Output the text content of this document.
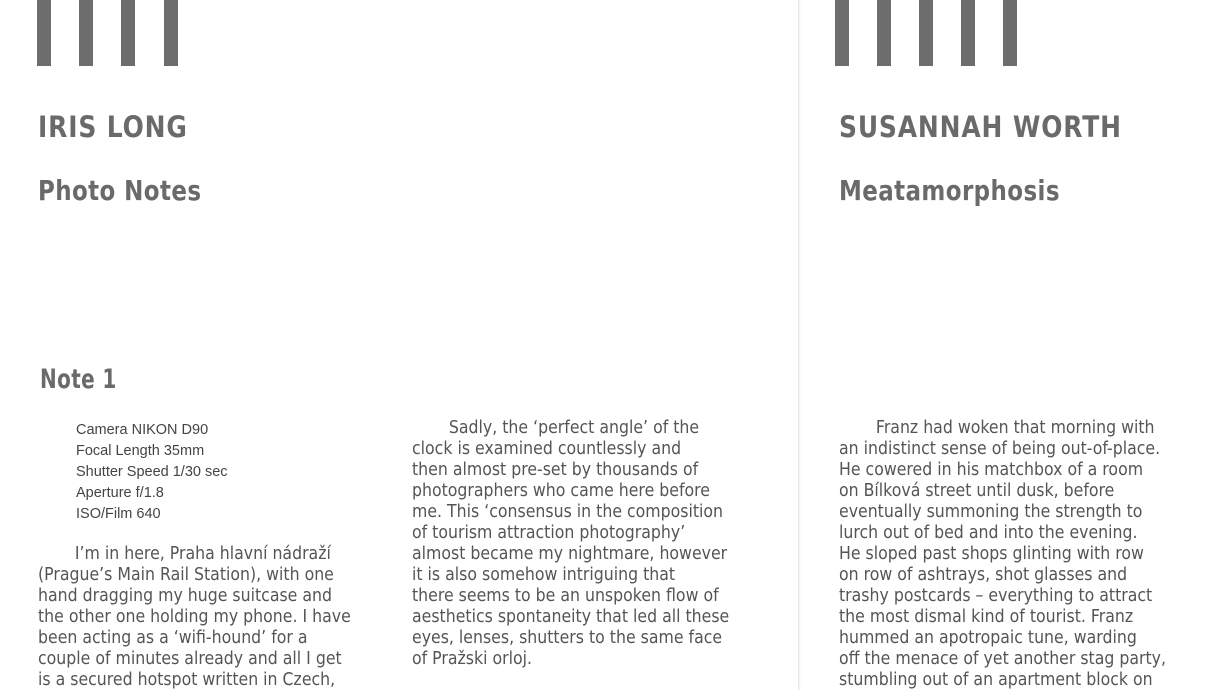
IRIS LONG
Photo Notes
Note 1
Camera NIKON D90
Focal Length 35mm
Shutter Speed 1/30 sec
Aperture f/1.8
ISO/Film 640

I’m in here, Praha hlavní nádraží
(Prague’s Main Rail Station), with one
hand dragging my huge suitcase and
the other one holding my phone. I have
been acting as a ‘wifi-hound’ for a
couple of minutes already and all I get
is a secured hotspot written in Czech,

Sadly, the ‘perfect angle’ of the
clock is examined countlessly and
then almost pre-set by thousands of
photographers who came here before
me. This ‘consensus in the composition
of tourism attraction photography’
almost became my nightmare, however
it is also somehow intriguing that
there seems to be an unspoken flow of
aesthetics spontaneity that led all these
eyes, lenses, shutters to the same face
of Pražski orloj.

SUSANNAH WORTH
Meatamorphosis

Franz had woken that morning with
an indistinct sense of being out-of-place.
He cowered in his matchbox of a room
on Bílková street until dusk, before
eventually summoning the strength to
lurch out of bed and into the evening.
He sloped past shops glinting with row
on row of ashtrays, shot glasses and
trashy postcards – everything to attract
the most dismal kind of tourist. Franz
hummed an apotropaic tune, warding
off the menace of yet another stag party,
stumbling out of an apartment block on
